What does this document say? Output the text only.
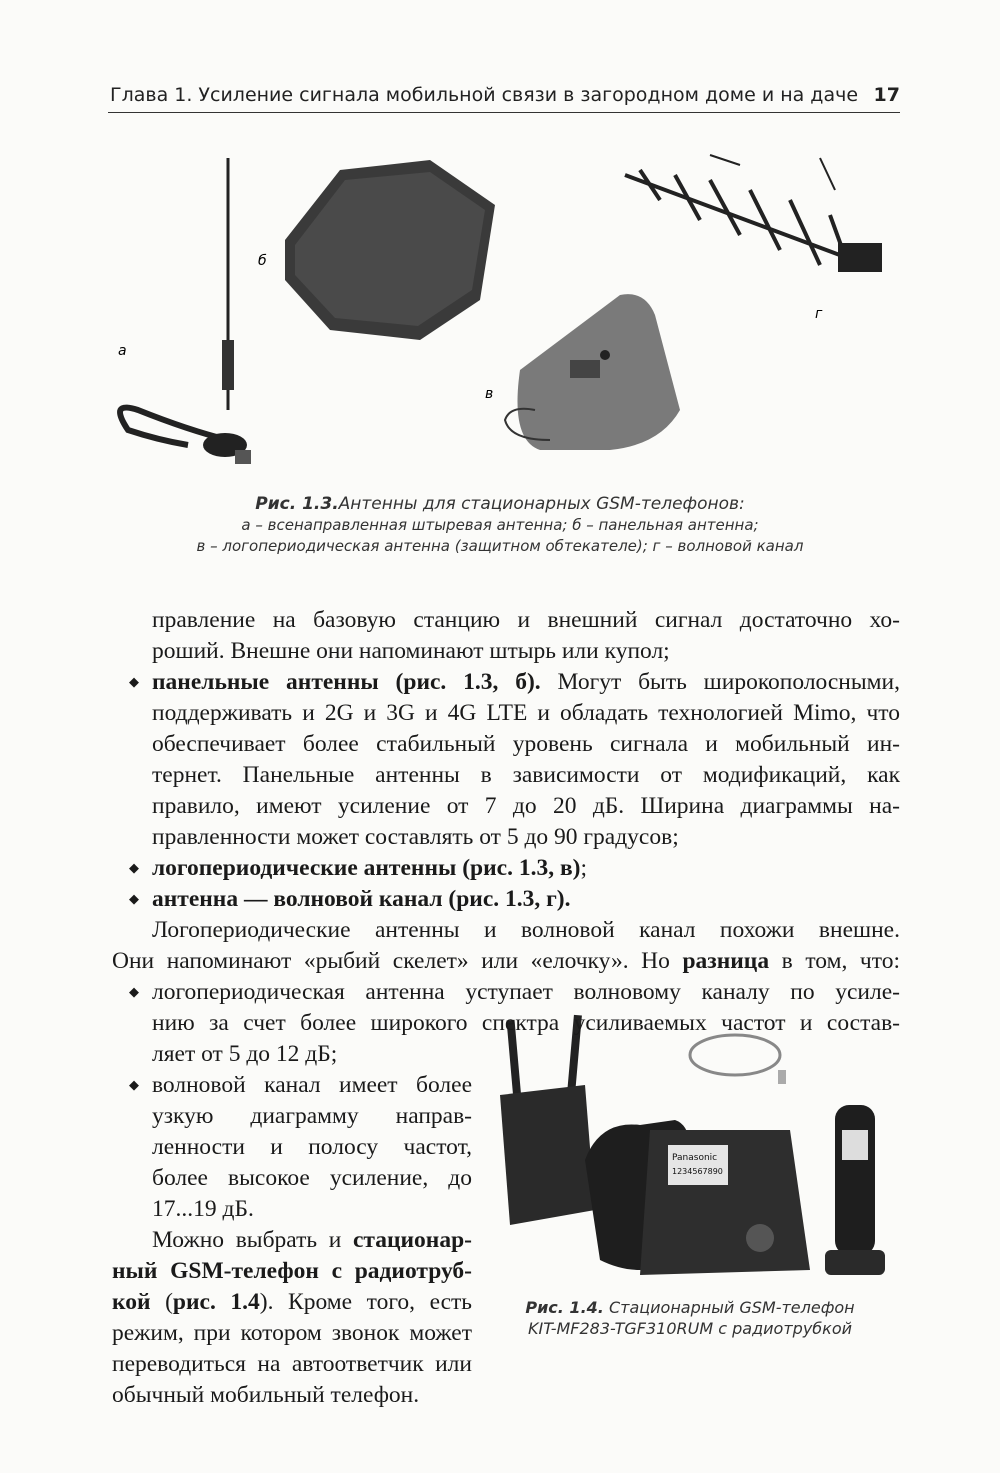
Глава 1. Усиление сигнала мобильной связи в загородном доме и на даче 17
а
б
в
г
Рис. 1.3.Антенны для стационарных GSM-телефонов:
а – всенаправленная штыревая антенна; б – панельная антенна;
в – логопериодическая антенна (защитном обтекателе); г – волновой канал
Panasonic
1234567890
Рис. 1.4. Стационарный GSM-телефон
KIT-MF283-TGF310RUM с радиотрубкой
правление на базовую станцию и внешний сигнал достаточно хо-
роший. Внешне они напоминают штырь или купол;
◆ панельные антенны (рис. 1.3, б). Могут быть широкополосными,
поддерживать и 2G и 3G и 4G LTE и обладать технологией Mimo, что
обеспечивает более стабильный уровень сигнала и мобильный ин-
тернет. Панельные антенны в зависимости от модификаций, как
правило, имеют усиление от 7 до 20 дБ. Ширина диаграммы на-
правленности может составлять от 5 до 90 градусов;
◆ логопериодические антенны (рис. 1.3, в);
◆ антенна — волновой канал (рис. 1.3, г).
Логопериодические антенны и волновой канал похожи внешне.
Они напоминают «рыбий скелет» или «елочку». Но разница в том, что:
◆ логопериодическая антенна уступает волновому каналу по усиле-
нию за счет более широкого спектра усиливаемых частот и состав-
ляет от 5 до 12 дБ;
◆ волновой канал имеет более
узкую диаграмму направ-
ленности и полосу частот,
более высокое усиление, до
17...19 дБ.
Можно выбрать и стационар-
ный GSM-телефон с радиотруб-
кой (рис. 1.4). Кроме того, есть
режим, при котором звонок может
переводиться на автоответчик или
обычный мобильный телефон.
